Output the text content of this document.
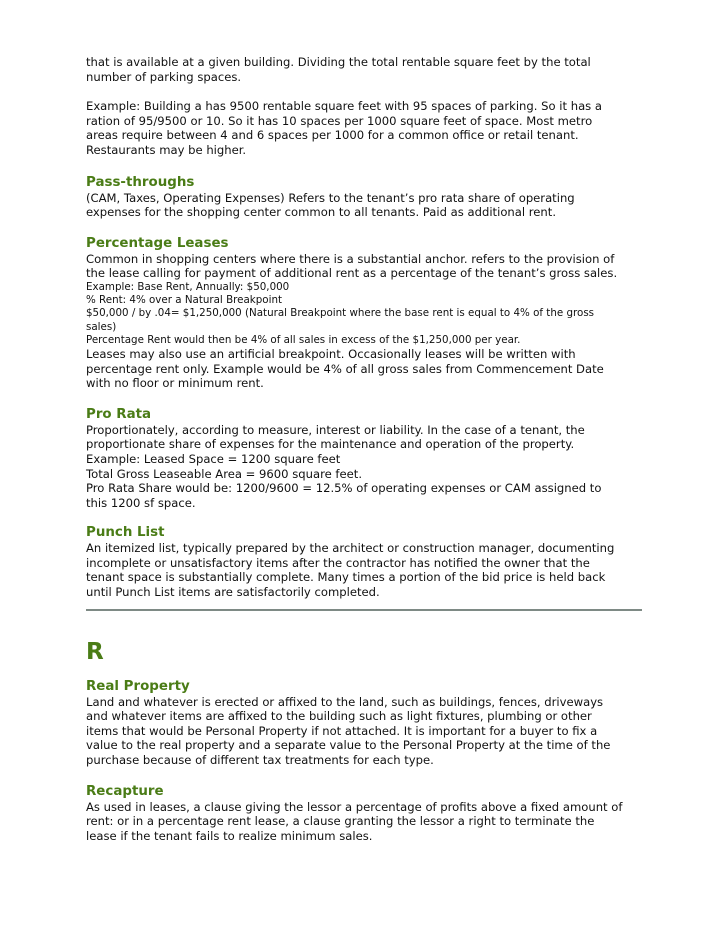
that is available at a given building. Dividing the total rentable square feet by the total

number of parking spaces.

Example: Building a has 9500 rentable square feet with 95 spaces of parking. So it has a

ration of 95/9500 or 10. So it has 10 spaces per 1000 square feet of space. Most metro

areas require between 4 and 6 spaces per 1000 for a common office or retail tenant.

Restaurants may be higher.

Pass-throughs

(CAM, Taxes, Operating Expenses) Refers to the tenant’s pro rata share of operating

expenses for the shopping center common to all tenants. Paid as additional rent.

Percentage Leases

Common in shopping centers where there is a substantial anchor. refers to the provision of

the lease calling for payment of additional rent as a percentage of the tenant’s gross sales.

Example: Base Rent, Annually: $50,000

% Rent: 4% over a Natural Breakpoint

$50,000 / by .04= $1,250,000 (Natural Breakpoint where the base rent is equal to 4% of the gross

sales)

Percentage Rent would then be 4% of all sales in excess of the $1,250,000 per year.

Leases may also use an artificial breakpoint. Occasionally leases will be written with

percentage rent only. Example would be 4% of all gross sales from Commencement Date

with no floor or minimum rent.

Pro Rata

Proportionately, according to measure, interest or liability. In the case of a tenant, the

proportionate share of expenses for the maintenance and operation of the property.

Example: Leased Space = 1200 square feet

Total Gross Leaseable Area = 9600 square feet.

Pro Rata Share would be: 1200/9600 = 12.5% of operating expenses or CAM assigned to

this 1200 sf space.

Punch List

An itemized list, typically prepared by the architect or construction manager, documenting

incomplete or unsatisfactory items after the contractor has notified the owner that the

tenant space is substantially complete. Many times a portion of the bid price is held back

until Punch List items are satisfactorily completed.

R
Real Property

Land and whatever is erected or affixed to the land, such as buildings, fences, driveways

and whatever items are affixed to the building such as light fixtures, plumbing or other

items that would be Personal Property if not attached. It is important for a buyer to fix a

value to the real property and a separate value to the Personal Property at the time of the

purchase because of different tax treatments for each type.

Recapture

As used in leases, a clause giving the lessor a percentage of profits above a fixed amount of

rent: or in a percentage rent lease, a clause granting the lessor a right to terminate the

lease if the tenant fails to realize minimum sales.
